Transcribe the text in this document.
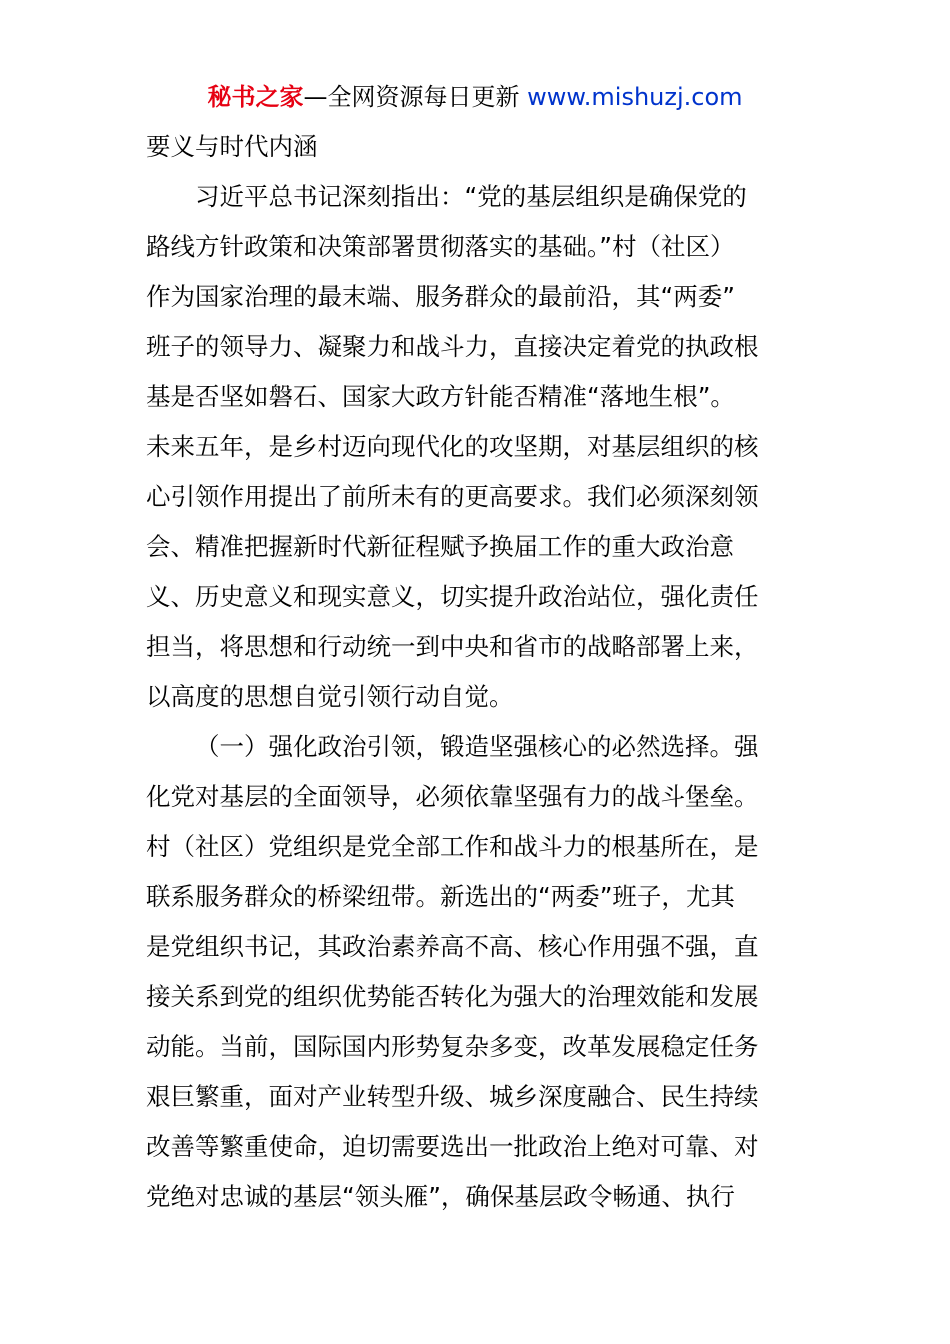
秘书之家—全网资源每日更新 www.mishuzj.com
要义与时代内涵
习近平总书记深刻指出：“党的基层组织是确保党的
路线方针政策和决策部署贯彻落实的基础。”村（社区）
作为国家治理的最末端、服务群众的最前沿，其“两委”
班子的领导力、凝聚力和战斗力，直接决定着党的执政根
基是否坚如磐石、国家大政方针能否精准“落地生根”。
未来五年，是乡村迈向现代化的攻坚期，对基层组织的核
心引领作用提出了前所未有的更高要求。我们必须深刻领
会、精准把握新时代新征程赋予换届工作的重大政治意
义、历史意义和现实意义，切实提升政治站位，强化责任
担当，将思想和行动统一到中央和省市的战略部署上来，
以高度的思想自觉引领行动自觉。
（一）强化政治引领，锻造坚强核心的必然选择。强
化党对基层的全面领导，必须依靠坚强有力的战斗堡垒。
村（社区）党组织是党全部工作和战斗力的根基所在，是
联系服务群众的桥梁纽带。新选出的“两委”班子，尤其
是党组织书记，其政治素养高不高、核心作用强不强，直
接关系到党的组织优势能否转化为强大的治理效能和发展
动能。当前，国际国内形势复杂多变，改革发展稳定任务
艰巨繁重，面对产业转型升级、城乡深度融合、民生持续
改善等繁重使命，迫切需要选出一批政治上绝对可靠、对
党绝对忠诚的基层“领头雁”，确保基层政令畅通、执行
